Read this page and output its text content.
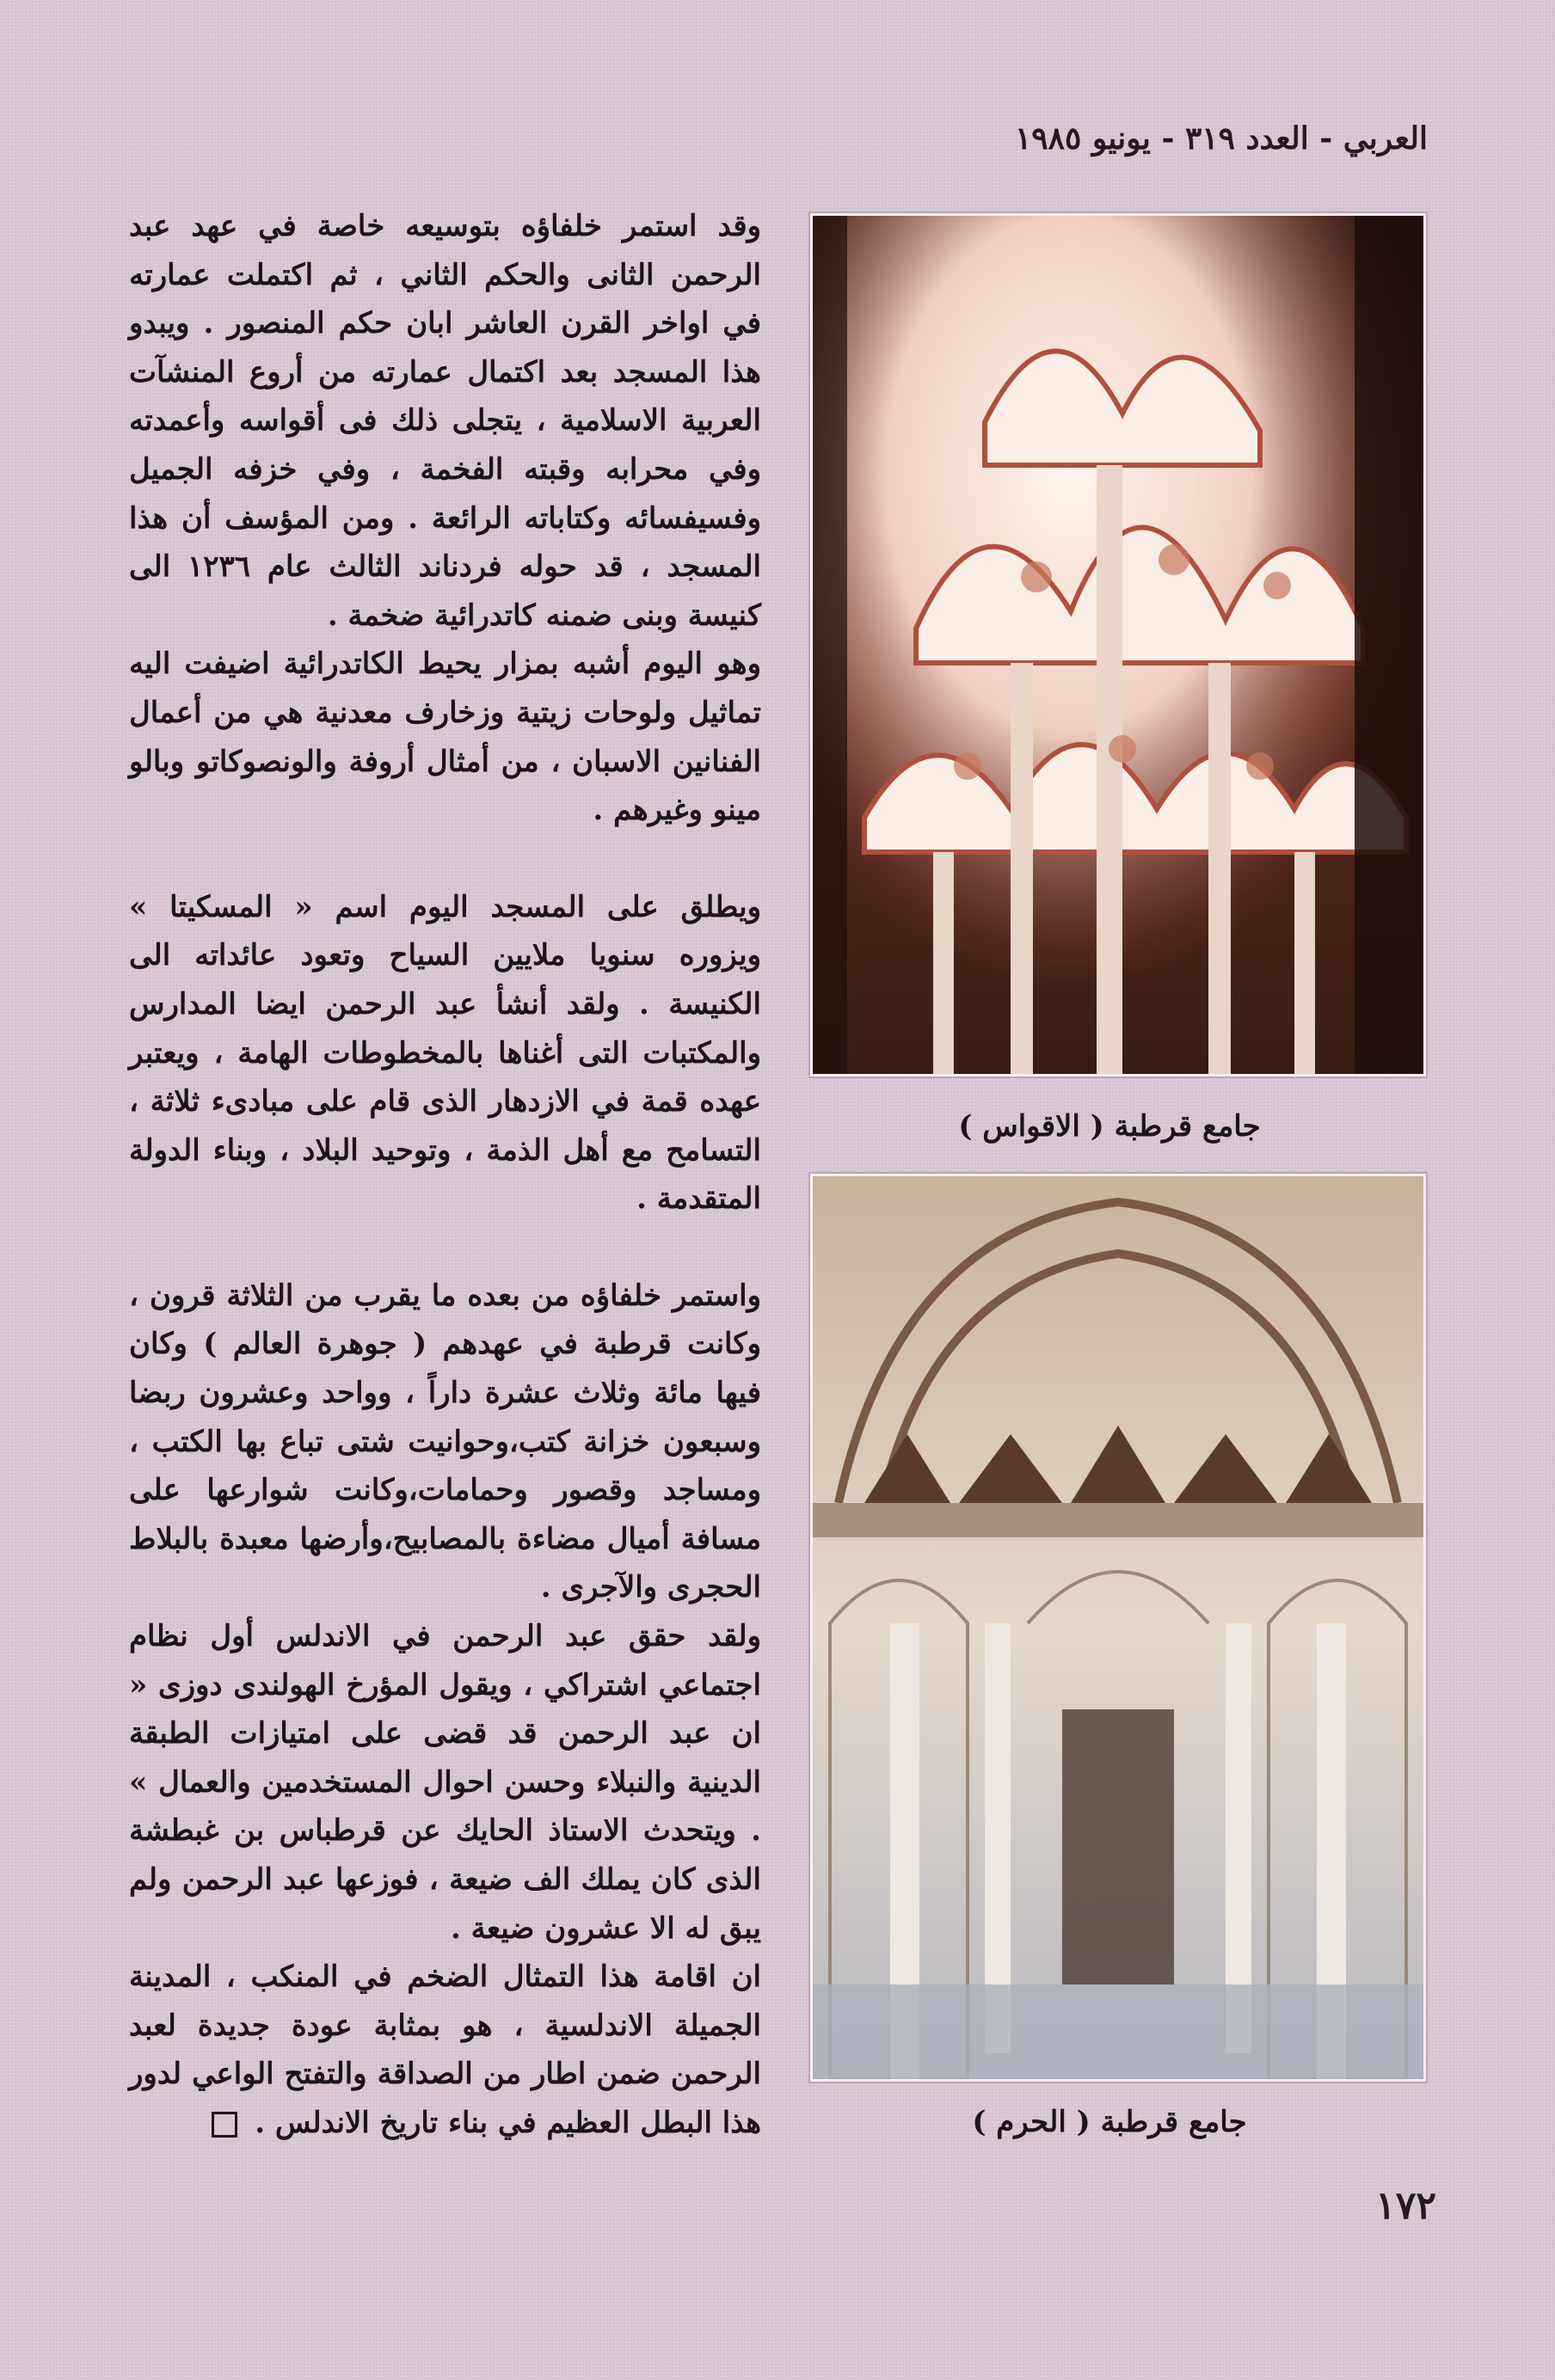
العربي - العدد ٣١٩ - يونيو ١٩٨٥

وقد استمر خلفاؤه بتوسيعه خاصة في عهد عبد الرحمن الثانى والحكم الثاني ، ثم اكتملت عمارته في اواخر القرن العاشر ابان حكم المنصور . ويبدو هذا المسجد بعد اكتمال عمارته من أروع المنشآت العربية الاسلامية ، يتجلى ذلك فى أقواسه وأعمدته وفي محرابه وقبته الفخمة ، وفي خزفه الجميل وفسيفسائه وكتاباته الرائعة . ومن المؤسف أن هذا المسجد ، قد حوله فردناند الثالث عام ١٢٣٦ الى كنيسة وبنى ضمنه كاتدرائية ضخمة .

وهو اليوم أشبه بمزار يحيط الكاتدرائية اضيفت اليه تماثيل ولوحات زيتية وزخارف معدنية هي من أعمال الفنانين الاسبان ، من أمثال أروفة والونصوكاتو وبالو مينو وغيرهم .

ويطلق على المسجد اليوم اسم « المسكيتا » ويزوره سنويا ملايين السياح وتعود عائداته الى الكنيسة . ولقد أنشأ عبد الرحمن ايضا المدارس والمكتبات التى أغناها بالمخطوطات الهامة ، ويعتبر عهده قمة في الازدهار الذى قام على مبادىء ثلاثة ، التسامح مع أهل الذمة ، وتوحيد البلاد ، وبناء الدولة المتقدمة .

واستمر خلفاؤه من بعده ما يقرب من الثلاثة قرون ، وكانت قرطبة في عهدهم ( جوهرة العالم ) وكان فيها مائة وثلاث عشرة داراً ، وواحد وعشرون ربضا وسبعون خزانة كتب،وحوانيت شتى تباع بها الكتب ، ومساجد وقصور وحمامات،وكانت شوارعها على مسافة أميال مضاءة بالمصابيح،وأرضها معبدة بالبلاط الحجرى والآجرى .

ولقد حقق عبد الرحمن في الاندلس أول نظام اجتماعي اشتراكي ، ويقول المؤرخ الهولندى دوزى « ان عبد الرحمن قد قضى على امتيازات الطبقة الدينية والنبلاء وحسن احوال المستخدمين والعمال » . ويتحدث الاستاذ الحايك عن قرطباس بن غبطشة الذى كان يملك الف ضيعة ، فوزعها عبد الرحمن ولم يبق له الا عشرون ضيعة .

ان اقامة هذا التمثال الضخم في المنكب ، المدينة الجميلة الاندلسية ، هو بمثابة عودة جديدة لعبد الرحمن ضمن اطار من الصداقة والتفتح الواعي لدور هذا البطل العظيم في بناء تاريخ الاندلس .

جامع قرطبة ( الاقواس )
جامع قرطبة ( الحرم )
١٧٢
